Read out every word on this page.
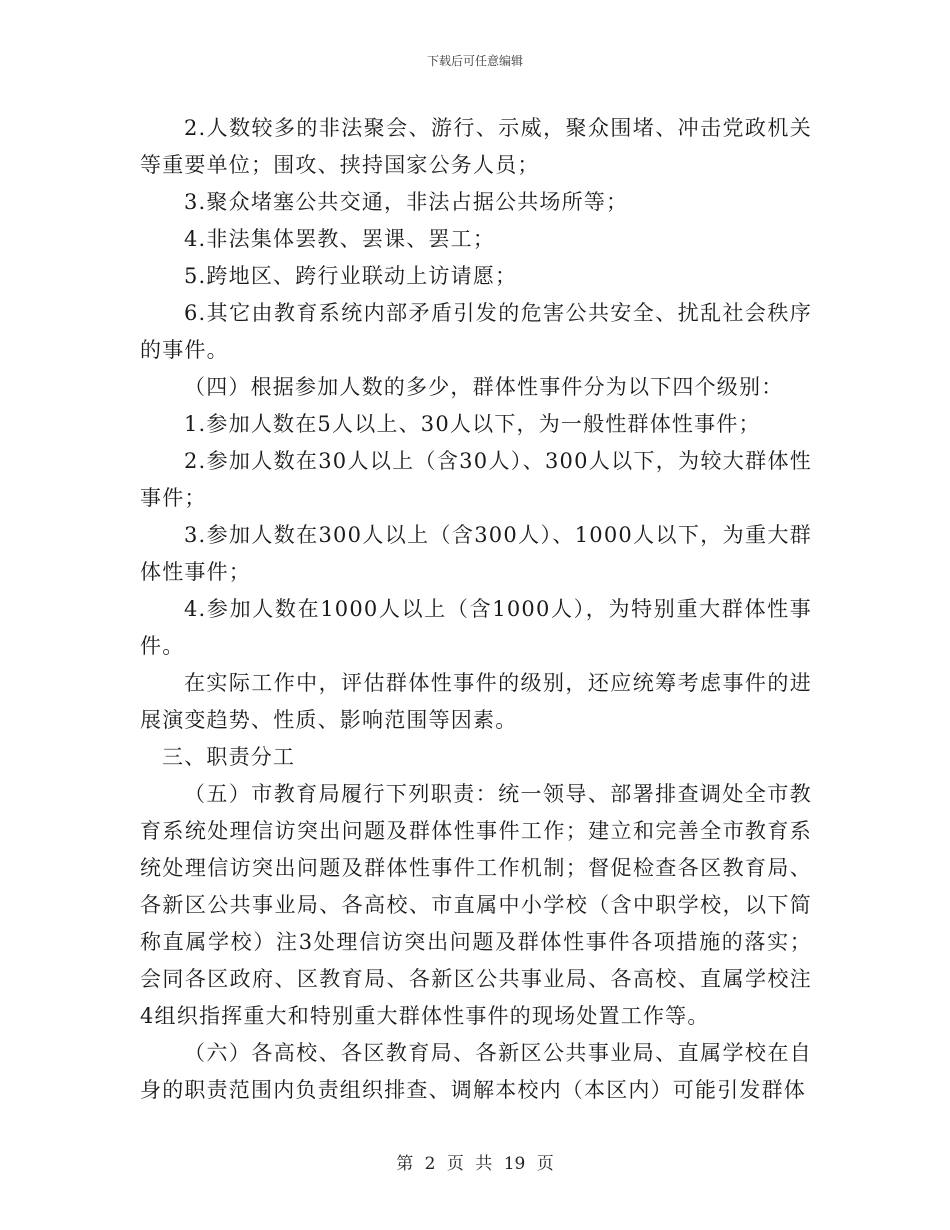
下载后可任意编辑

2.人数较多的非法聚会、游行、示威，聚众围堵、冲击党政机关等重要单位；围攻、挟持国家公务人员；

3.聚众堵塞公共交通，非法占据公共场所等；

4.非法集体罢教、罢课、罢工；

5.跨地区、跨行业联动上访请愿；

6.其它由教育系统内部矛盾引发的危害公共安全、扰乱社会秩序的事件。

（四）根据参加人数的多少，群体性事件分为以下四个级别：

1.参加人数在5人以上、30人以下，为一般性群体性事件；

2.参加人数在30人以上（含30人）、300人以下，为较大群体性事件；

3.参加人数在300人以上（含300人）、1000人以下，为重大群体性事件；

4.参加人数在1000人以上（含1000人），为特别重大群体性事件。

在实际工作中，评估群体性事件的级别，还应统筹考虑事件的进展演变趋势、性质、影响范围等因素。

三、职责分工

（五）市教育局履行下列职责：统一领导、部署排查调处全市教育系统处理信访突出问题及群体性事件工作；建立和完善全市教育系统处理信访突出问题及群体性事件工作机制；督促检查各区教育局、各新区公共事业局、各高校、市直属中小学校（含中职学校，以下简称直属学校）注3处理信访突出问题及群体性事件各项措施的落实；会同各区政府、区教育局、各新区公共事业局、各高校、直属学校注4组织指挥重大和特别重大群体性事件的现场处置工作等。

（六）各高校、各区教育局、各新区公共事业局、直属学校在自身的职责范围内负责组织排查、调解本校内（本区内）可能引发群体

第 2 页 共 19 页
